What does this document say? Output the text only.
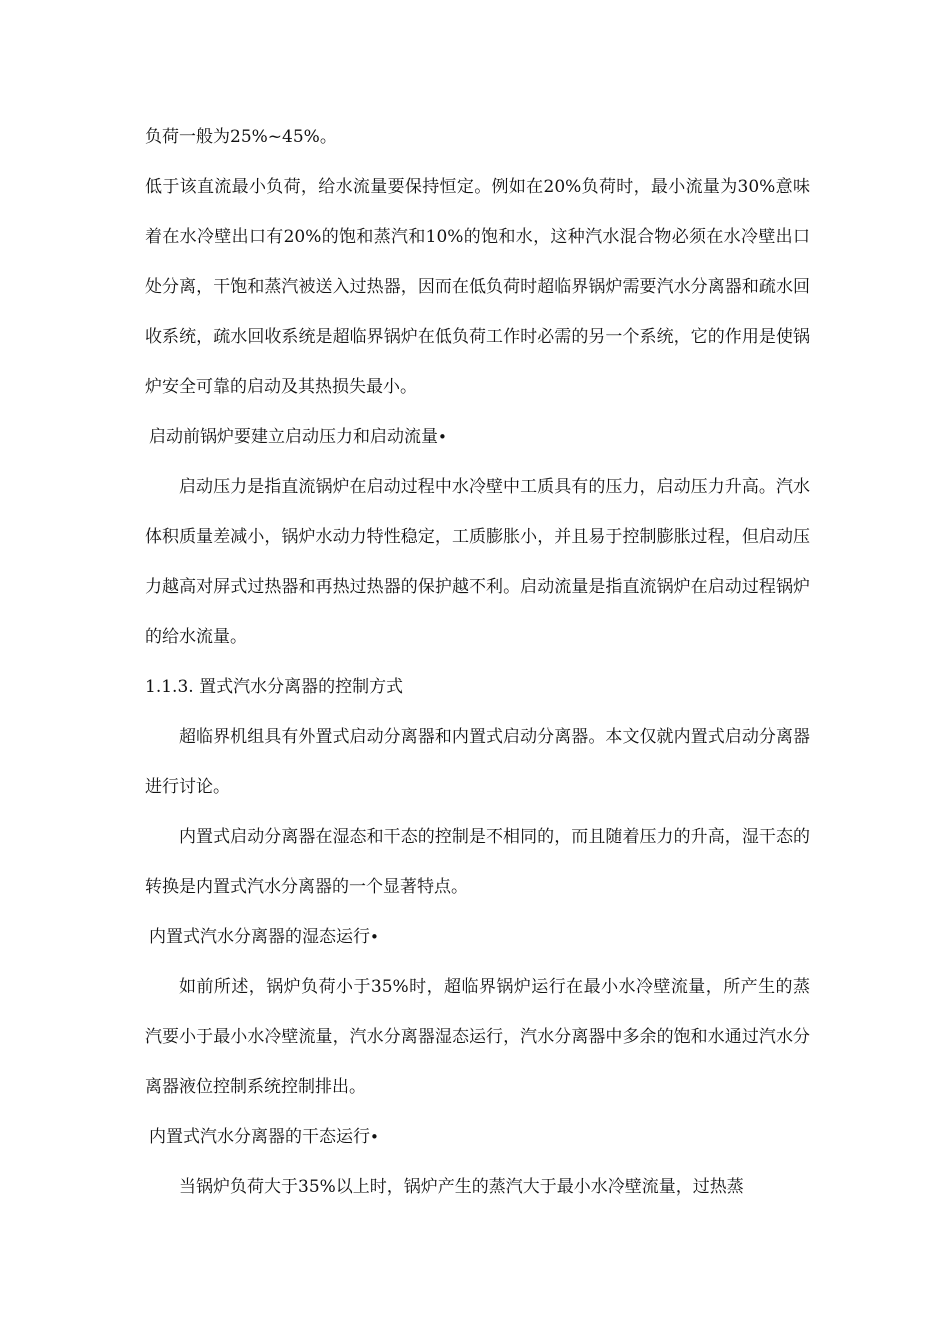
负荷一般为25%~45%。

低于该直流最小负荷，给水流量要保持恒定。例如在20%负荷时，最小流量为30%意味着在水冷壁出口有20%的饱和蒸汽和10%的饱和水，这种汽水混合物必须在水冷壁出口处分离，干饱和蒸汽被送入过热器，因而在低负荷时超临界锅炉需要汽水分离器和疏水回收系统，疏水回收系统是超临界锅炉在低负荷工作时必需的另一个系统，它的作用是使锅炉安全可靠的启动及其热损失最小。

启动前锅炉要建立启动压力和启动流量•

启动压力是指直流锅炉在启动过程中水冷壁中工质具有的压力，启动压力升高。汽水体积质量差减小，锅炉水动力特性稳定，工质膨胀小，并且易于控制膨胀过程，但启动压力越高对屏式过热器和再热过热器的保护越不利。启动流量是指直流锅炉在启动过程锅炉的给水流量。

1.1.3. 置式汽水分离器的控制方式

超临界机组具有外置式启动分离器和内置式启动分离器。本文仅就内置式启动分离器进行讨论。

内置式启动分离器在湿态和干态的控制是不相同的，而且随着压力的升高，湿干态的转换是内置式汽水分离器的一个显著特点。

内置式汽水分离器的湿态运行•

如前所述，锅炉负荷小于35%时，超临界锅炉运行在最小水冷壁流量，所产生的蒸汽要小于最小水冷壁流量，汽水分离器湿态运行，汽水分离器中多余的饱和水通过汽水分离器液位控制系统控制排出。

内置式汽水分离器的干态运行•

当锅炉负荷大于35%以上时，锅炉产生的蒸汽大于最小水冷壁流量，过热蒸
